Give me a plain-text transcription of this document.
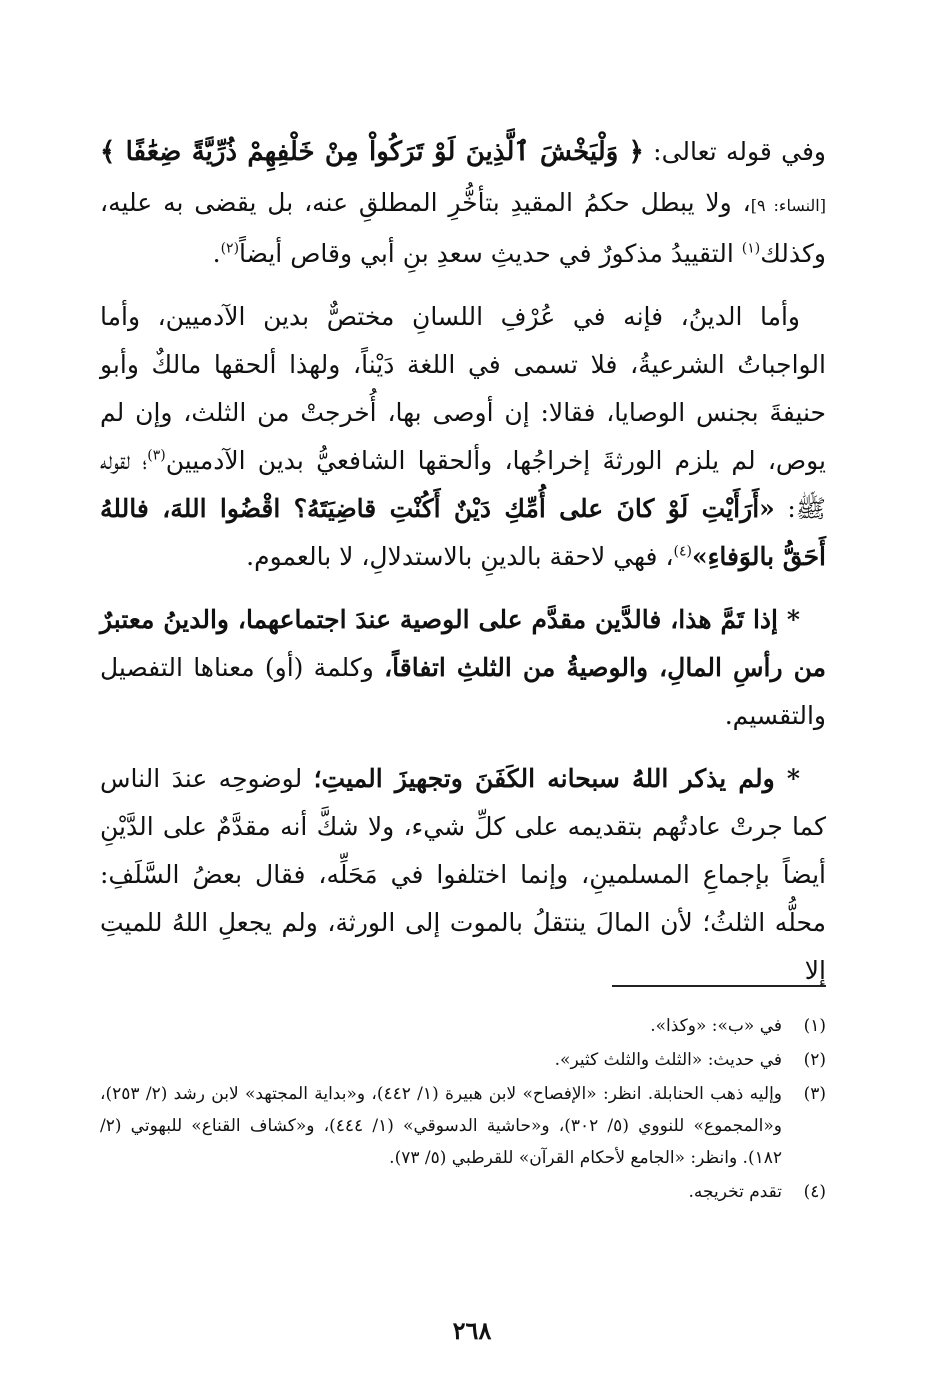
وفي قوله تعالى: ﴿ وَلْيَخْشَ ٱلَّذِينَ لَوْ تَرَكُواْ مِنْ خَلْفِهِمْ ذُرِّيَّةً ضِعَٰفًا ﴾ [النساء: ٩]، ولا يبطل حكمُ المقيدِ بتأخُّرِ المطلقِ عنه، بل يقضى به عليه، وكذلك$^{(١)}$ التقييدُ مذكورٌ في حديثِ سعدِ بنِ أبي وقاص أيضاً$^{(٢)}$.

وأما الدينُ، فإنه في عُرْفِ اللسانِ مختصٌّ بدين الآدميين، وأما الواجباتُ الشرعيةُ، فلا تسمى في اللغة دَيْناً، ولهذا ألحقها مالكٌ وأبو حنيفةَ بجنس الوصايا، فقالا: إن أوصى بها، أُخرجتْ من الثلث، وإن لم يوص، لم يلزم الورثةَ إخراجُها، وألحقها الشافعيُّ بدين الآدميين$^{(٣)}$؛ لقوله ﷺ: «أَرَأَيْتِ لَوْ كانَ على أُمِّكِ دَيْنٌ أَكُنْتِ قاضِيَتَهُ؟ اقْضُوا اللهَ، فاللهُ أَحَقُّ بالوَفاءِ»$^{(٤)}$، فهي لاحقة بالدينِ بالاستدلالِ، لا بالعموم.

* إذا تَمَّ هذا، فالدَّين مقدَّم على الوصية عندَ اجتماعهما، والدينُ معتبرٌ من رأسِ المالِ، والوصيةُ من الثلثِ اتفاقاً، وكلمة (أو) معناها التفصيل والتقسيم.

* ولم يذكر اللهُ سبحانه الكَفَنَ وتجهيزَ الميتِ؛ لوضوحِه عندَ الناس كما جرتْ عادتُهم بتقديمه على كلِّ شيء، ولا شكَّ أنه مقدَّمٌ على الدَّيْنِ أيضاً بإجماعِ المسلمينِ، وإنما اختلفوا في مَحَلِّه، فقال بعضُ السَّلَفِ: محلُّه الثلثُ؛ لأن المالَ ينتقلُ بالموت إلى الورثة، ولم يجعلِ اللهُ للميتِ إلا

(١)
في «ب»: «وكذا».
(٢)
في حديث: «الثلث والثلث كثير».
(٣)
وإليه ذهب الحنابلة. انظر: «الإفصاح» لابن هبيرة (١/ ٤٤٢)، و«بداية المجتهد» لابن رشد (٢/ ٢٥٣)، و«المجموع» للنووي (٥/ ٣٠٢)، و«حاشية الدسوقي» (١/ ٤٤٤)، و«كشاف القناع» للبهوتي (٢/ ١٨٢). وانظر: «الجامع لأحكام القرآن» للقرطبي (٥/ ٧٣).
(٤)
تقدم تخريجه.
٢٦٨
